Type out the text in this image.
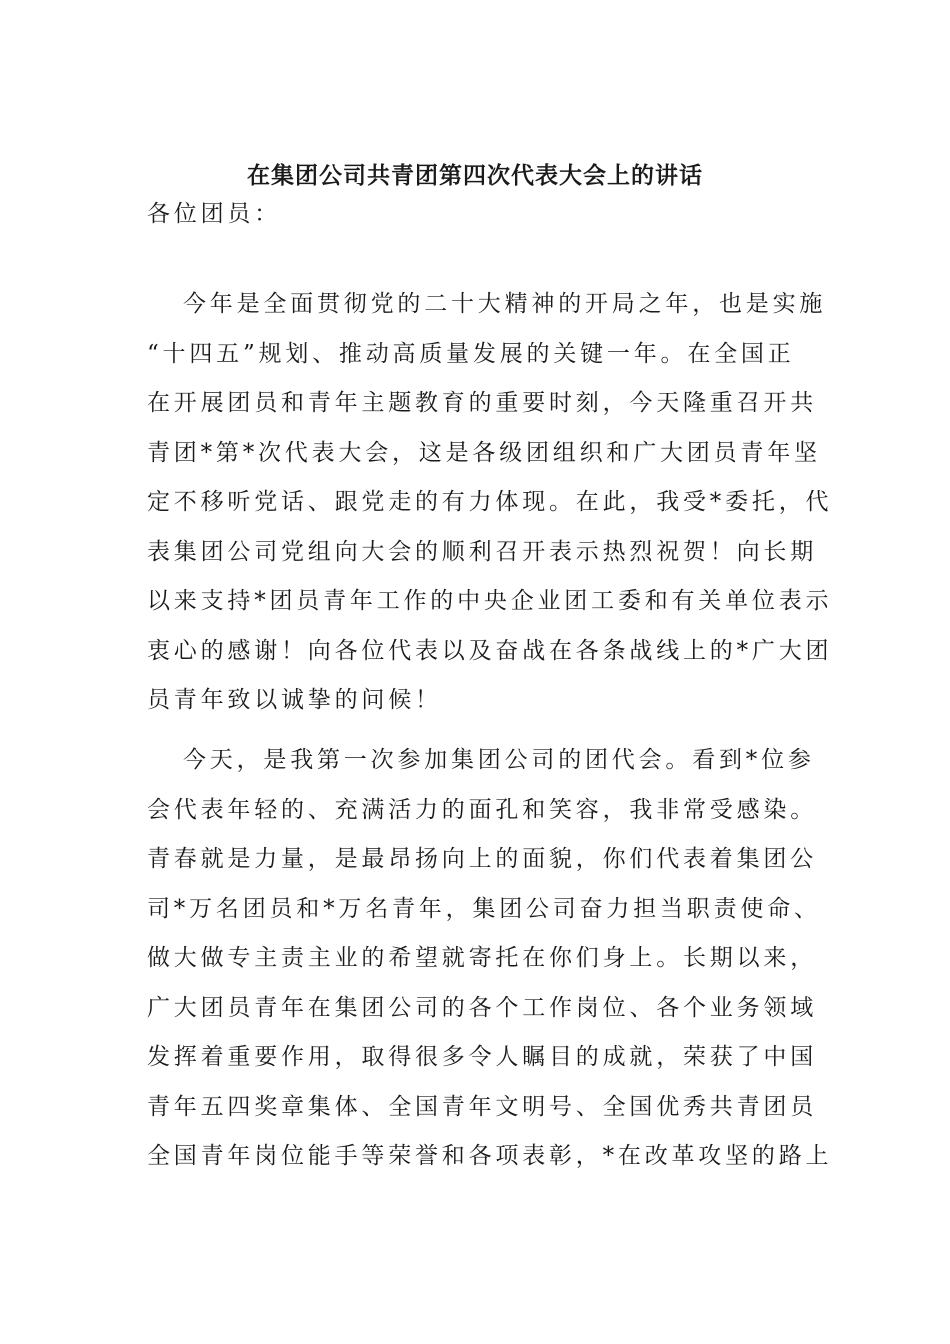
在集团公司共青团第四次代表大会上的讲话

各位团员：

今年是全面贯彻党的二十大精神的开局之年，也是实施
“十四五”规划、推动高质量发展的关键一年。在全国正
在开展团员和青年主题教育的重要时刻，今天隆重召开共
青团*第*次代表大会，这是各级团组织和广大团员青年坚
定不移听党话、跟党走的有力体现。在此，我受*委托，代
表集团公司党组向大会的顺利召开表示热烈祝贺！向长期
以来支持*团员青年工作的中央企业团工委和有关单位表示
衷心的感谢！向各位代表以及奋战在各条战线上的*广大团
员青年致以诚挚的问候！
今天，是我第一次参加集团公司的团代会。看到*位参
会代表年轻的、充满活力的面孔和笑容，我非常受感染。
青春就是力量，是最昂扬向上的面貌，你们代表着集团公
司*万名团员和*万名青年，集团公司奋力担当职责使命、
做大做专主责主业的希望就寄托在你们身上。长期以来，
广大团员青年在集团公司的各个工作岗位、各个业务领域
发挥着重要作用，取得很多令人瞩目的成就，荣获了中国
青年五四奖章集体、全国青年文明号、全国优秀共青团员
全国青年岗位能手等荣誉和各项表彰，*在改革攻坚的路上
